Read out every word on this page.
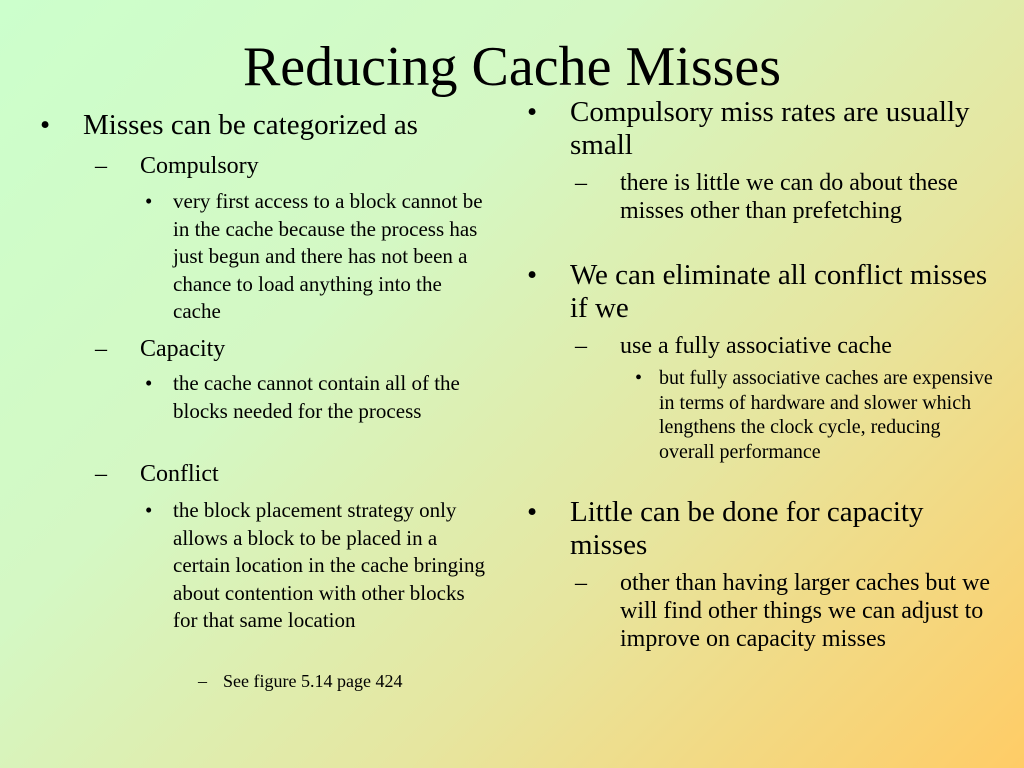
Reducing Cache Misses
•	Misses can be categorized as
–	Compulsory
• very first access to a block cannot be in the cache because the process has just begun and there has not been a chance to load anything into the cache
–	Capacity
• the cache cannot contain all of the blocks needed for the process
–	Conflict
• the block placement strategy only allows a block to be placed in a certain location in the cache bringing about contention with other blocks for that same location
– See figure 5.14 page 424
•	Compulsory miss rates are usually small
–	there is little we can do about these misses other than prefetching
•	We can eliminate all conflict misses if we
–	use a fully associative cache
• but fully associative caches are expensive in terms of hardware and slower which lengthens the clock cycle, reducing overall performance
•	Little can be done for capacity misses
–	other than having larger caches but we will find other things we can adjust to improve on capacity misses
